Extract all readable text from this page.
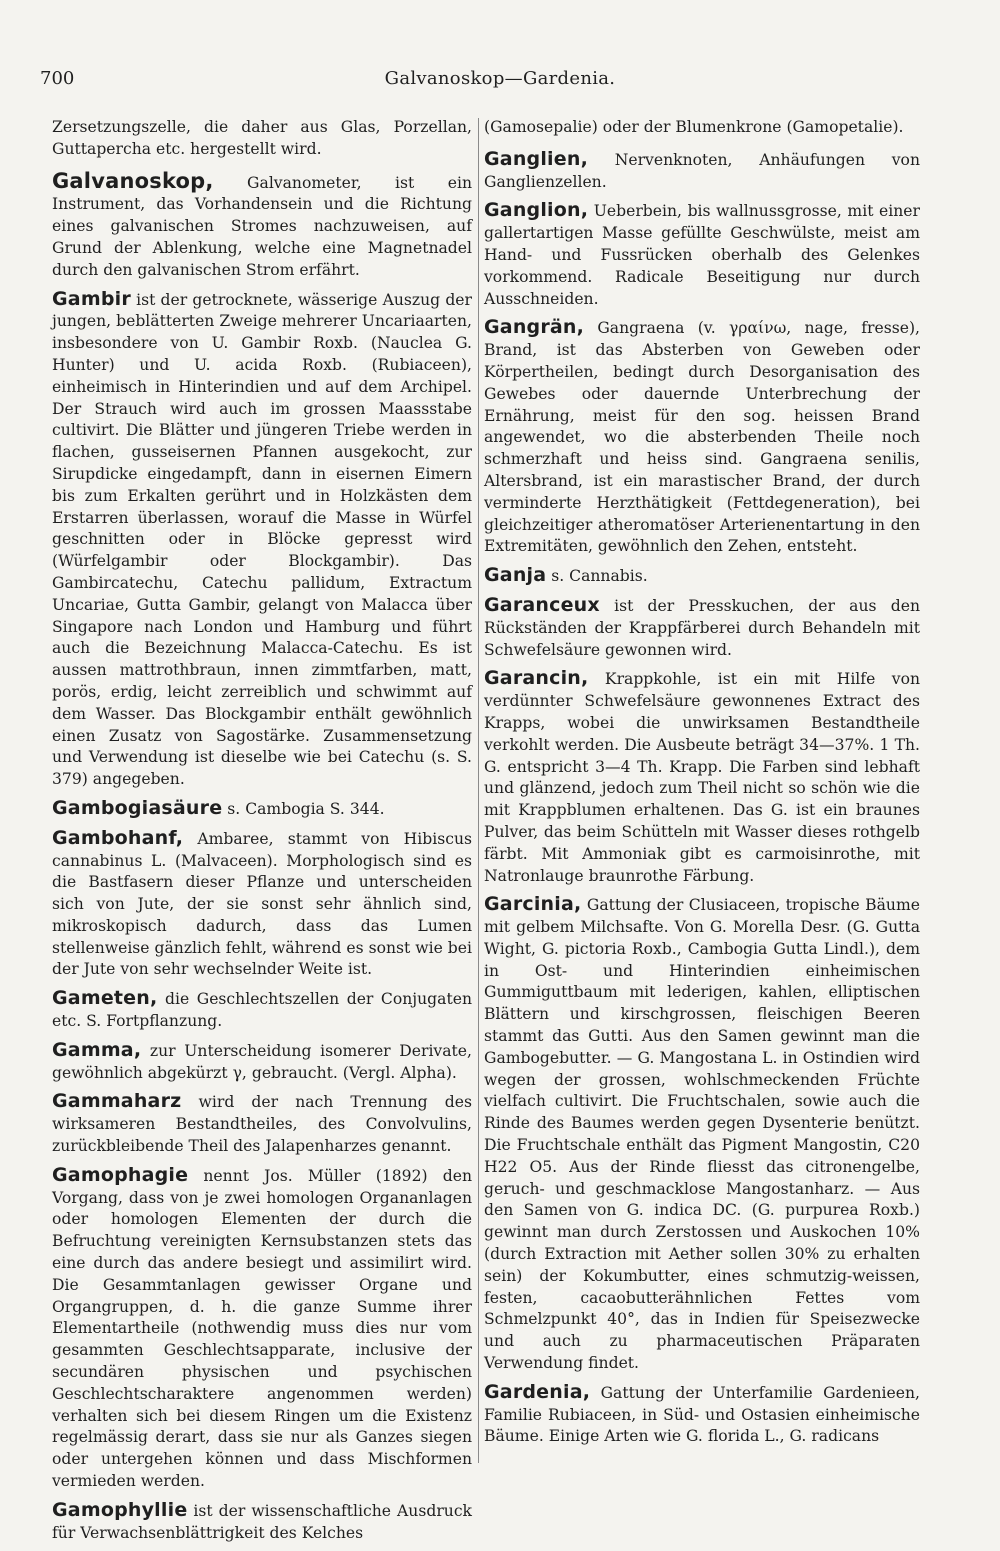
700	Galvanoskop—Gardenia.

Zersetzungszelle, die daher aus Glas, Porzellan, Guttapercha etc. hergestellt wird.

Galvanoskop, Galvanometer, ist ein Instrument, das Vorhandensein und die Richtung eines galvanischen Stromes nachzuweisen, auf Grund der Ablenkung, welche eine Magnetnadel durch den galvanischen Strom erfährt.

Gambir ist der getrocknete, wässerige Auszug der jungen, beblätterten Zweige mehrerer Uncariaarten, insbesondere von U. Gambir Roxb. (Nauclea G. Hunter) und U. acida Roxb. (Rubiaceen), einheimisch in Hinterindien und auf dem Archipel. Der Strauch wird auch im grossen Maassstabe cultivirt. Die Blätter und jüngeren Triebe werden in flachen, gusseisernen Pfannen ausgekocht, zur Sirupdicke eingedampft, dann in eisernen Eimern bis zum Erkalten gerührt und in Holzkästen dem Erstarren überlassen, worauf die Masse in Würfel geschnitten oder in Blöcke gepresst wird (Würfelgambir oder Blockgambir). Das Gambircatechu, Catechu pallidum, Extractum Uncariae, Gutta Gambir, gelangt von Malacca über Singapore nach London und Hamburg und führt auch die Bezeichnung Malacca-Catechu. Es ist aussen mattrothbraun, innen zimmtfarben, matt, porös, erdig, leicht zerreiblich und schwimmt auf dem Wasser. Das Blockgambir enthält gewöhnlich einen Zusatz von Sagostärke. Zusammensetzung und Verwendung ist dieselbe wie bei Catechu (s. S. 379) angegeben.

Gambogiasäure s. Cambogia S. 344.

Gambohanf, Ambaree, stammt von Hibiscus cannabinus L. (Malvaceen). Morphologisch sind es die Bastfasern dieser Pflanze und unterscheiden sich von Jute, der sie sonst sehr ähnlich sind, mikroskopisch dadurch, dass das Lumen stellenweise gänzlich fehlt, während es sonst wie bei der Jute von sehr wechselnder Weite ist.

Gameten, die Geschlechtszellen der Conjugaten etc. S. Fortpflanzung.

Gamma, zur Unterscheidung isomerer Derivate, gewöhnlich abgekürzt γ, gebraucht. (Vergl. Alpha).

Gammaharz wird der nach Trennung des wirksameren Bestandtheiles, des Convolvulins, zurückbleibende Theil des Jalapenharzes genannt.

Gamophagie nennt Jos. Müller (1892) den Vorgang, dass von je zwei homologen Organanlagen oder homologen Elementen der durch die Befruchtung vereinigten Kernsubstanzen stets das eine durch das andere besiegt und assimilirt wird. Die Gesammtanlagen gewisser Organe und Organgruppen, d. h. die ganze Summe ihrer Elementartheile (nothwendig muss dies nur vom gesammten Geschlechtsapparate, inclusive der secundären physischen und psychischen Geschlechtscharaktere angenommen werden) verhalten sich bei diesem Ringen um die Existenz regelmässig derart, dass sie nur als Ganzes siegen oder untergehen können und dass Mischformen vermieden werden.

Gamophyllie ist der wissenschaftliche Ausdruck für Verwachsenblättrigkeit des Kelches

(Gamosepalie) oder der Blumenkrone (Gamopetalie).

Ganglien, Nervenknoten, Anhäufungen von Ganglienzellen.

Ganglion, Ueberbein, bis wallnussgrosse, mit einer gallertartigen Masse gefüllte Geschwülste, meist am Hand- und Fussrücken oberhalb des Gelenkes vorkommend. Radicale Beseitigung nur durch Ausschneiden.

Gangrän, Gangraena (v. γραίνω, nage, fresse), Brand, ist das Absterben von Geweben oder Körpertheilen, bedingt durch Desorganisation des Gewebes oder dauernde Unterbrechung der Ernährung, meist für den sog. heissen Brand angewendet, wo die absterbenden Theile noch schmerzhaft und heiss sind. Gangraena senilis, Altersbrand, ist ein marastischer Brand, der durch verminderte Herzthätigkeit (Fettdegeneration), bei gleichzeitiger atheromatöser Arterienentartung in den Extremitäten, gewöhnlich den Zehen, entsteht.

Ganja s. Cannabis.

Garanceux ist der Presskuchen, der aus den Rückständen der Krappfärberei durch Behandeln mit Schwefelsäure gewonnen wird.

Garancin, Krappkohle, ist ein mit Hilfe von verdünnter Schwefelsäure gewonnenes Extract des Krapps, wobei die unwirksamen Bestandtheile verkohlt werden. Die Ausbeute beträgt 34—37%. 1 Th. G. entspricht 3—4 Th. Krapp. Die Farben sind lebhaft und glänzend, jedoch zum Theil nicht so schön wie die mit Krappblumen erhaltenen. Das G. ist ein braunes Pulver, das beim Schütteln mit Wasser dieses rothgelb färbt. Mit Ammoniak gibt es carmoisinrothe, mit Natronlauge braunrothe Färbung.

Garcinia, Gattung der Clusiaceen, tropische Bäume mit gelbem Milchsafte. Von G. Morella Desr. (G. Gutta Wight, G. pictoria Roxb., Cambogia Gutta Lindl.), dem in Ost- und Hinterindien einheimischen Gummiguttbaum mit lederigen, kahlen, elliptischen Blättern und kirschgrossen, fleischigen Beeren stammt das Gutti. Aus den Samen gewinnt man die Gambogebutter. — G. Mangostana L. in Ostindien wird wegen der grossen, wohlschmeckenden Früchte vielfach cultivirt. Die Fruchtschalen, sowie auch die Rinde des Baumes werden gegen Dysenterie benützt. Die Fruchtschale enthält das Pigment Mangostin, C20 H22 O5. Aus der Rinde fliesst das citronengelbe, geruch- und geschmacklose Mangostanharz. — Aus den Samen von G. indica DC. (G. purpurea Roxb.) gewinnt man durch Zerstossen und Auskochen 10% (durch Extraction mit Aether sollen 30% zu erhalten sein) der Kokumbutter, eines schmutzig-weissen, festen, cacaobutterähnlichen Fettes vom Schmelzpunkt 40°, das in Indien für Speisezwecke und auch zu pharmaceutischen Präparaten Verwendung findet.

Gardenia, Gattung der Unterfamilie Gardenieen, Familie Rubiaceen, in Süd- und Ostasien einheimische Bäume. Einige Arten wie G. florida L., G. radicans
